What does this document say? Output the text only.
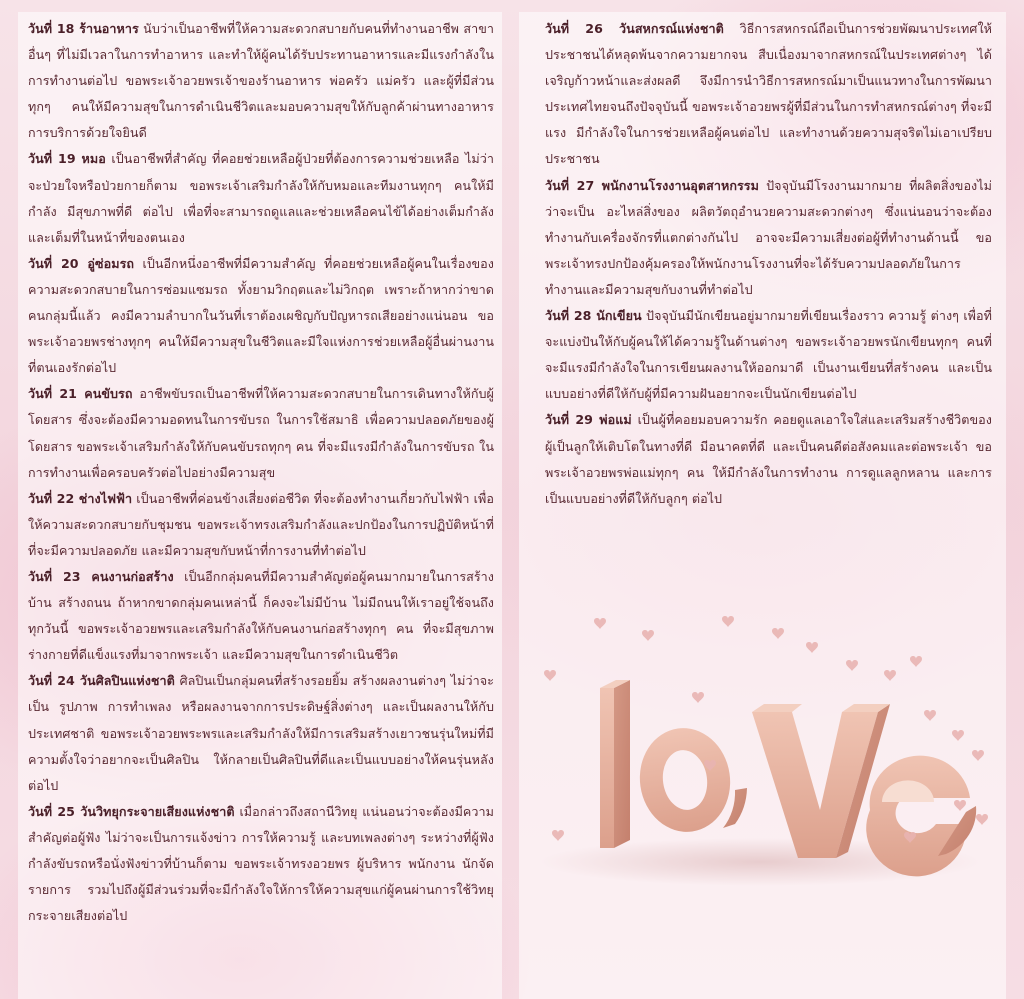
วันที่ 18 ร้านอาหาร นับว่าเป็นอาชีพที่ให้ความสะดวกสบายกับคนที่ทำงานอาชีพ สาขาอื่นๆ ที่ไม่มีเวลาในการทำอาหาร และทำให้ผู้คนได้รับประทานอาหารและมีแรงกำลังในการทำงานต่อไป ขอพระเจ้าอวยพรเจ้าของร้านอาหาร พ่อครัว แม่ครัว และผู้ที่มีส่วนทุกๆ คนให้มีความสุขในการดำเนินชีวิตและมอบความสุขให้กับลูกค้าผ่านทางอาหาร การบริการด้วยใจยินดี

วันที่ 19 หมอ เป็นอาชีพที่สำคัญ ที่คอยช่วยเหลือผู้ป่วยที่ต้องการความช่วยเหลือ ไม่ว่าจะป่วยใจหรือป่วยกายก็ตาม ขอพระเจ้าเสริมกำลังให้กับหมอและทีมงานทุกๆ คนให้มีกำลัง มีสุขภาพที่ดี ต่อไป เพื่อที่จะสามารถดูแลและช่วยเหลือคนไข้ได้อย่างเต็มกำลัง และเต็มที่ในหน้าที่ของตนเอง

วันที่ 20 อู่ซ่อมรถ เป็นอีกหนึ่งอาชีพที่มีความสำคัญ ที่คอยช่วยเหลือผู้คนในเรื่องของความสะดวกสบายในการซ่อมแซมรถ ทั้งยามวิกฤตและไม่วิกฤต เพราะถ้าหากว่าขาดคนกลุ่มนี้แล้ว คงมีความลำบากในวันที่เราต้องเผชิญกับปัญหารถเสียอย่างแน่นอน ขอพระเจ้าอวยพรช่างทุกๆ คนให้มีความสุขในชีวิตและมีใจแห่งการช่วยเหลือผู้อื่นผ่านงานที่ตนเองรักต่อไป

วันที่ 21 คนขับรถ อาชีพขับรถเป็นอาชีพที่ให้ความสะดวกสบายในการเดินทางให้กับผู้โดยสาร ซึ่งจะต้องมีความอดทนในการขับรถ ในการใช้สมาธิ เพื่อความปลอดภัยของผู้โดยสาร ขอพระเจ้าเสริมกำลังให้กับคนขับรถทุกๆ คน ที่จะมีแรงมีกำลังในการขับรถ ในการทำงานเพื่อครอบครัวต่อไปอย่างมีความสุข

วันที่ 22 ช่างไฟฟ้า เป็นอาชีพที่ค่อนข้างเสี่ยงต่อชีวิต ที่จะต้องทำงานเกี่ยวกับไฟฟ้า เพื่อให้ความสะดวกสบายกับชุมชน ขอพระเจ้าทรงเสริมกำลังและปกป้องในการปฏิบัติหน้าที่ ที่จะมีความปลอดภัย และมีความสุขกับหน้าที่การงานที่ทำต่อไป

วันที่ 23 คนงานก่อสร้าง เป็นอีกกลุ่มคนที่มีความสำคัญต่อผู้คนมากมายในการสร้างบ้าน สร้างถนน ถ้าหากขาดกลุ่มคนเหล่านี้ ก็คงจะไม่มีบ้าน ไม่มีถนนให้เราอยู่ใช้จนถึงทุกวันนี้ ขอพระเจ้าอวยพรและเสริมกำลังให้กับคนงานก่อสร้างทุกๆ คน ที่จะมีสุขภาพร่างกายที่ดีแข็งแรงที่มาจากพระเจ้า และมีความสุขในการดำเนินชีวิต

วันที่ 24 วันศิลปินแห่งชาติ ศิลปินเป็นกลุ่มคนที่สร้างรอยยิ้ม สร้างผลงานต่างๆ ไม่ว่าจะเป็น รูปภาพ การทำเพลง หรือผลงานจากการประดิษฐ์สิ่งต่างๆ และเป็นผลงานให้กับประเทศชาติ ขอพระเจ้าอวยพระพรและเสริมกำลังให้มีการเสริมสร้างเยาวชนรุ่นใหม่ที่มีความตั้งใจว่าอยากจะเป็นศิลปิน ให้กลายเป็นศิลปินที่ดีและเป็นแบบอย่างให้คนรุ่นหลังต่อไป

วันที่ 25 วันวิทยุกระจายเสียงแห่งชาติ เมื่อกล่าวถึงสถานีวิทยุ แน่นอนว่าจะต้องมีความสำคัญต่อผู้ฟัง ไม่ว่าจะเป็นการแจ้งข่าว การให้ความรู้ และบทเพลงต่างๆ ระหว่างที่ผู้ฟังกำลังขับรถหรือนั่งฟังข่าวที่บ้านก็ตาม ขอพระเจ้าทรงอวยพร ผู้บริหาร พนักงาน นักจัดรายการ รวมไปถึงผู้มีส่วนร่วมที่จะมีกำลังใจให้การให้ความสุขแก่ผู้คนผ่านการใช้วิทยุกระจายเสียงต่อไป

วันที่ 26 วันสหกรณ์แห่งชาติ วิธีการสหกรณ์ถือเป็นการช่วยพัฒนาประเทศให้ประชาชนได้หลุดพ้นจากความยากจน สืบเนื่องมาจากสหกรณ์ในประเทศต่างๆ ได้เจริญก้าวหน้าและส่งผลดี จึงมีการนำวิธีการสหกรณ์มาเป็นแนวทางในการพัฒนาประเทศไทยจนถึงปัจจุบันนี้ ขอพระเจ้าอวยพรผู้ที่มีส่วนในการทำสหกรณ์ต่างๆ ที่จะมีแรง มีกำลังใจในการช่วยเหลือผู้คนต่อไป และทำงานด้วยความสุจริตไม่เอาเปรียบประชาชน

วันที่ 27 พนักงานโรงงานอุตสาหกรรม ปัจจุบันมีโรงงานมากมาย ที่ผลิตสิ่งของไม่ว่าจะเป็น อะไหล่สิ่งของ ผลิตวัตถุอำนวยความสะดวกต่างๆ ซึ่งแน่นอนว่าจะต้องทำงานกับเครื่องจักรที่แตกต่างกันไป อาจจะมีความเสี่ยงต่อผู้ที่ทำงานด้านนี้ ขอพระเจ้าทรงปกป้องคุ้มครองให้พนักงานโรงงานที่จะได้รับความปลอดภัยในการทำงานและมีความสุขกับงานที่ทำต่อไป

วันที่ 28 นักเขียน ปัจจุบันมีนักเขียนอยู่มากมายที่เขียนเรื่องราว ความรู้ ต่างๆ เพื่อที่จะแบ่งปันให้กับผู้คนให้ได้ความรู้ในด้านต่างๆ ขอพระเจ้าอวยพรนักเขียนทุกๆ คนที่จะมีแรงมีกำลังใจในการเขียนผลงานให้ออกมาดี เป็นงานเขียนที่สร้างคน และเป็นแบบอย่างที่ดีให้กับผู้ที่มีความฝันอยากจะเป็นนักเขียนต่อไป

วันที่ 29 พ่อแม่ เป็นผู้ที่คอยมอบความรัก คอยดูแลเอาใจใส่และเสริมสร้างชีวิตของผู้เป็นลูกให้เติบโตในทางที่ดี มีอนาคตที่ดี และเป็นคนดีต่อสังคมและต่อพระเจ้า ขอพระเจ้าอวยพรพ่อแม่ทุกๆ คน ให้มีกำลังในการทำงาน การดูแลลูกหลาน และการเป็นแบบอย่างที่ดีให้กับลูกๆ ต่อไป
